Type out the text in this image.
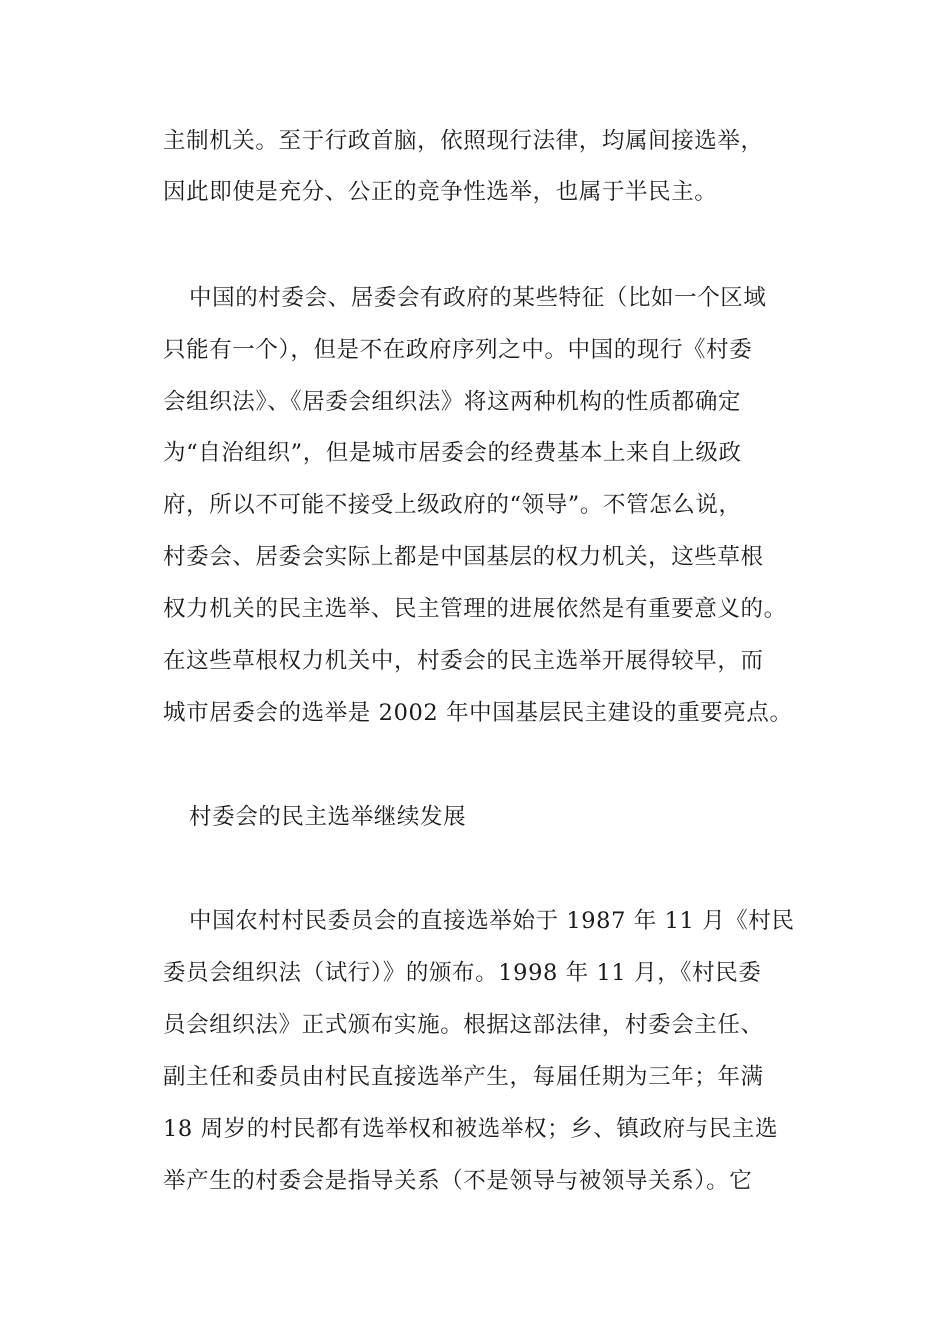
主制机关。至于行政首脑，依照现行法律，均属间接选举，
因此即使是充分、公正的竞争性选举，也属于半民主。
中国的村委会、居委会有政府的某些特征（比如一个区域
只能有一个），但是不在政府序列之中。中国的现行《村委
会组织法》、《居委会组织法》将这两种机构的性质都确定
为“自治组织”，但是城市居委会的经费基本上来自上级政
府，所以不可能不接受上级政府的“领导”。不管怎么说，
村委会、居委会实际上都是中国基层的权力机关，这些草根
权力机关的民主选举、民主管理的进展依然是有重要意义的。
在这些草根权力机关中，村委会的民主选举开展得较早，而
城市居委会的选举是 2002 年中国基层民主建设的重要亮点。
村委会的民主选举继续发展
中国农村村民委员会的直接选举始于 1987 年 11 月《村民
委员会组织法（试行）》的颁布。1998 年 11 月，《村民委
员会组织法》正式颁布实施。根据这部法律，村委会主任、
副主任和委员由村民直接选举产生，每届任期为三年；年满
18 周岁的村民都有选举权和被选举权；乡、镇政府与民主选
举产生的村委会是指导关系（不是领导与被领导关系）。它
